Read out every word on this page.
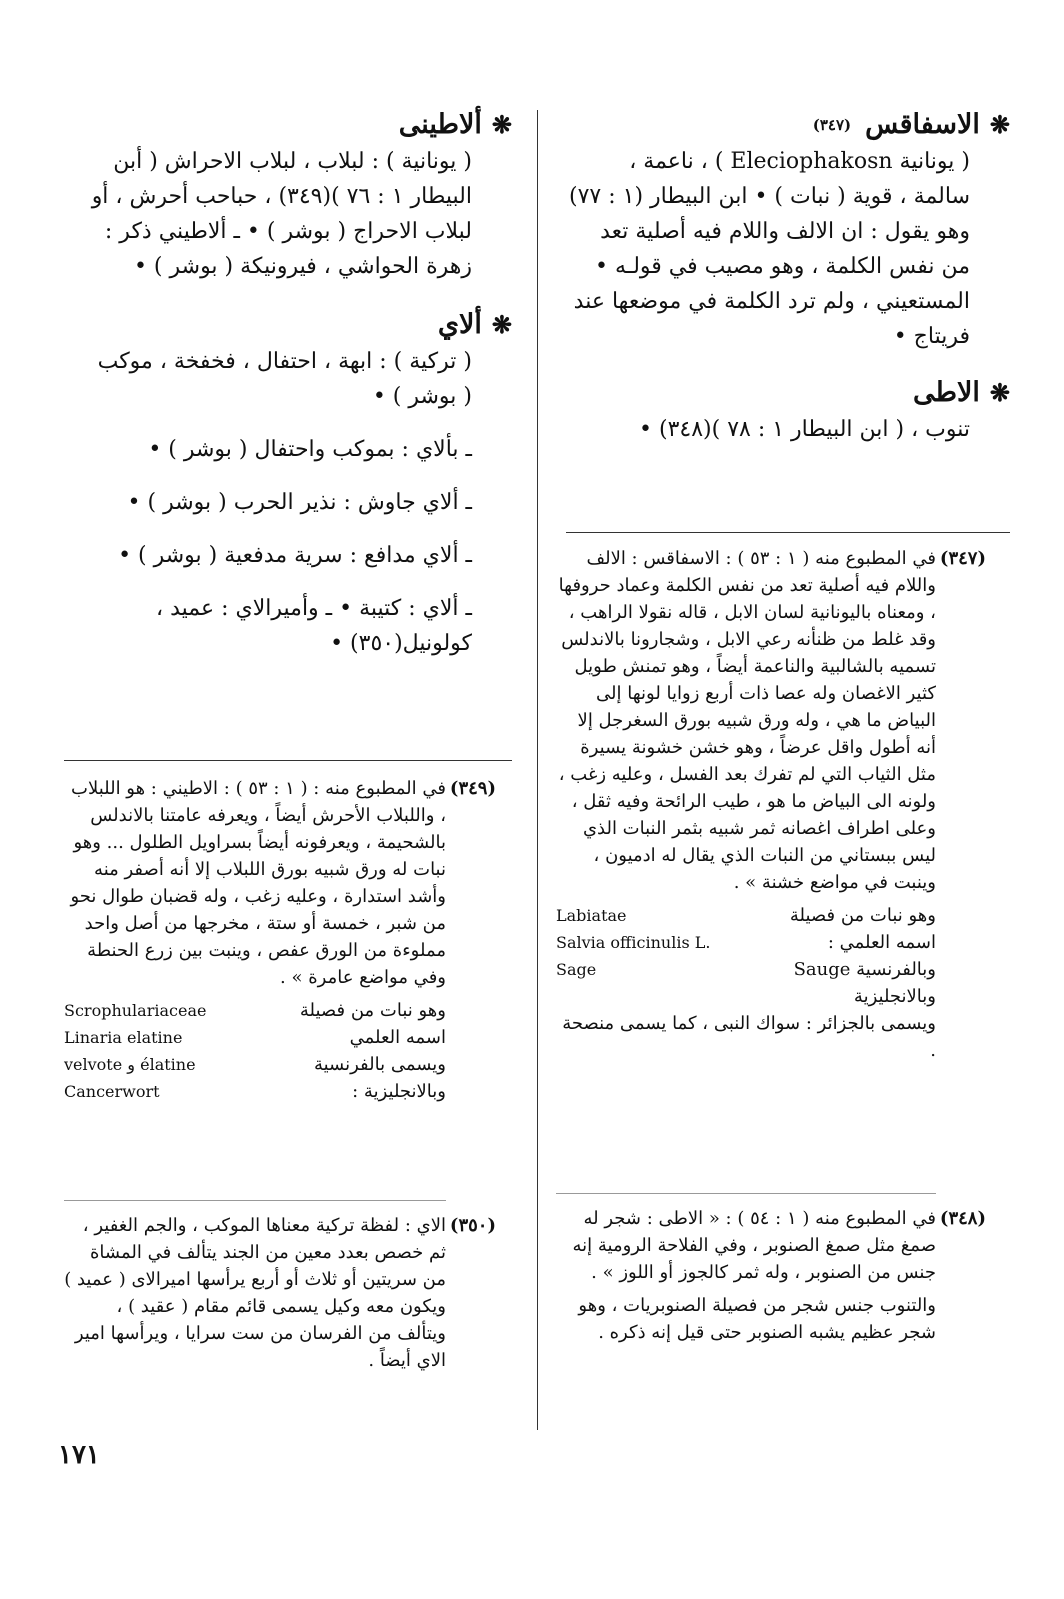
❋
الاسفاقس
(٣٤٧)
( يونانية Eleciophakosn ) ، ناعمة ،
سالمة ، قوية ( نبات ) • ابن البيطار (١ : ٧٧)
وهو يقول : ان الالف واللام فيه أصلية تعد
من نفس الكلمة ، وهو مصيب في قولـه •
المستعيني ، ولم ترد الكلمة في موضعها عند
فريتاج •
❋
الاطى
تنوب ، ( ابن البيطار ١ : ٧٨ )(٣٤٨) •
(٣٤٧)

في المطبوع منه ( ١ : ٥٣ ) : الاسفاقس : الالف واللام فيه أصلية تعد من نفس الكلمة وعماد حروفها ، ومعناه باليونانية لسان الابل ، قاله نقولا الراهب ، وقد غلط من ظنأنه رعي الابل ، وشجارونا بالاندلس تسميه بالشالبية والناعمة أيضاً ، وهو تمنش طويل كثير الاغصان وله عصا ذات أربع زوايا لونها إلى البياض ما هي ، وله ورق شبيه بورق السغرجل إلا أنه أطول واقل عرضاً ، وهو خشن خشونة يسيرة مثل الثياب التي لم تفرك بعد الفسل ، وعليه زغب ، ولونه الى البياض ما هو ، طيب الرائحة وفيه ثقل ، وعلى اطراف اغصانه ثمر شبيه بثمر النبات الذي ليس ببستاني من النبات الذي يقال له ادميون ، وينبت في مواضع خشنة » .

وهو نبات من فصيلة
Labiatae
اسمه العلمي :
Salvia officinulis L.
وبالفرنسية Sauge وبالانجليزية
Sage

ويسمى بالجزائر : سواك النبى ، كما يسمى منصحة .

(٣٤٨)

في المطبوع منه ( ١ : ٥٤ ) : « الاطى : شجر له صمغ مثل صمغ الصنوبر ، وفي الفلاحة الرومية إنه جنس من الصنوبر ، وله ثمر كالجوز أو اللوز » .

والتنوب جنس شجر من فصيلة الصنوبريات ، وهو شجر عظيم يشبه الصنوبر حتى قيل إنه ذكره .

❋
ألاطينى
( يونانية ) : لبلاب ، لبلاب الاحراش ( أبن
البيطار ١ : ٧٦ )(٣٤٩) ، حباحب أحرش ، أو
لبلاب الاحراج ( بوشر ) • ـ ألاطيني ذكر :
زهرة الحواشي ، فيرونيكة ( بوشر ) •
❋
ألاي
( تركية ) : ابهة ، احتفال ، فخفخة ، موكب
( بوشر ) •
ـ بألاي : بموكب واحتفال ( بوشر ) •
ـ ألاي جاوش : نذير الحرب ( بوشر ) •
ـ ألاي مدافع : سرية مدفعية ( بوشر ) •
ـ ألاي : كتيبة • ـ وأميرالاي : عميد ،
كولونيل(٣٥٠) •
(٣٤٩)

في المطبوع منه : ( ١ : ٥٣ ) : الاطيني : هو اللبلاب ، واللبلاب الأحرش أيضاً ، ويعرفه عامتنا بالاندلس بالشحيمة ، ويعرفونه أيضاً بسراويل الطلول ... وهو نبات له ورق شبيه بورق اللبلاب إلا أنه أصفر منه وأشد استدارة ، وعليه زغب ، وله قضبان طوال نحو من شبر ، خمسة أو ستة ، مخرجها من أصل واحد مملوءة من الورق عفص ، وينبت بين زرع الحنطة وفي مواضع عامرة » .

وهو نبات من فصيلة
Scrophulariaceae
اسمه العلمي
Linaria elatine
ويسمى بالفرنسية
velvote و élatine
وبالانجليزية :
Cancerwort
(٣٥٠)

الاي : لفظة تركية معناها الموكب ، والجم الغفير ، ثم خصص بعدد معين من الجند يتألف في المشاة من سريتين أو ثلاث أو أربع يرأسها اميرالاى ( عميد ) ويكون معه وكيل يسمى قائم مقام ( عقيد ) ، ويتألف من الفرسان من ست سرايا ، ويرأسها امير الاي أيضاً .

١٧١
